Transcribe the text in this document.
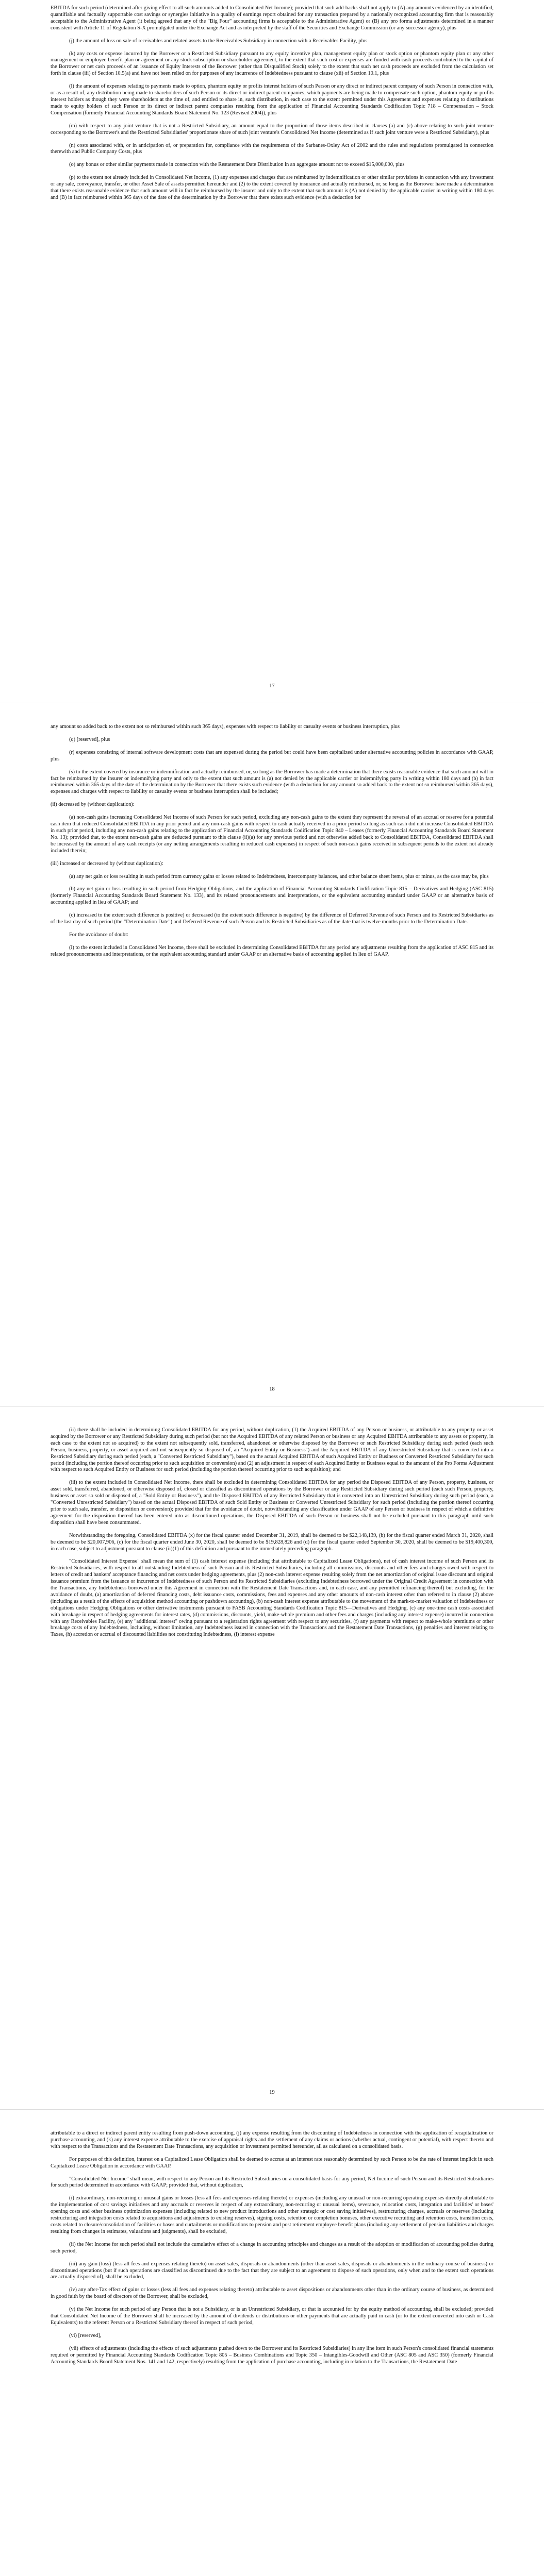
EBITDA for such period (determined after giving effect to all such amounts added to Consolidated Net Income); provided that such add-backs shall not apply to (A) any amounts evidenced by an identified, quantifiable and factually supportable cost savings or synergies initiative in a quality of earnings report obtained for any transaction prepared by a nationally recognized accounting firm that is reasonably acceptable to the Administrative Agent (it being agreed that any of the "Big Four" accounting firms is acceptable to the Administrative Agent) or (B) any pro forma adjustments determined in a manner consistent with Article 11 of Regulation S-X promulgated under the Exchange Act and as interpreted by the staff of the Securities and Exchange Commission (or any successor agency), plus

(j) the amount of loss on sale of receivables and related assets to the Receivables Subsidiary in connection with a Receivables Facility, plus

(k) any costs or expense incurred by the Borrower or a Restricted Subsidiary pursuant to any equity incentive plan, management equity plan or stock option or phantom equity plan or any other management or employee benefit plan or agreement or any stock subscription or shareholder agreement, to the extent that such cost or expenses are funded with cash proceeds contributed to the capital of the Borrower or net cash proceeds of an issuance of Equity Interests of the Borrower (other than Disqualified Stock) solely to the extent that such net cash proceeds are excluded from the calculation set forth in clause (iii) of Section 10.5(a) and have not been relied on for purposes of any incurrence of Indebtedness pursuant to clause (xii) of Section 10.1, plus

(l) the amount of expenses relating to payments made to option, phantom equity or profits interest holders of such Person or any direct or indirect parent company of such Person in connection with, or as a result of, any distribution being made to shareholders of such Person or its direct or indirect parent companies, which payments are being made to compensate such option, phantom equity or profits interest holders as though they were shareholders at the time of, and entitled to share in, such distribution, in each case to the extent permitted under this Agreement and expenses relating to distributions made to equity holders of such Person or its direct or indirect parent companies resulting from the application of Financial Accounting Standards Codification Topic 718 – Compensation – Stock Compensation (formerly Financial Accounting Standards Board Statement No. 123 (Revised 2004)), plus

(m) with respect to any joint venture that is not a Restricted Subsidiary, an amount equal to the proportion of those items described in clauses (a) and (c) above relating to such joint venture corresponding to the Borrower's and the Restricted Subsidiaries' proportionate share of such joint venture's Consolidated Net Income (determined as if such joint venture were a Restricted Subsidiary), plus

(n) costs associated with, or in anticipation of, or preparation for, compliance with the requirements of the Sarbanes-Oxley Act of 2002 and the rules and regulations promulgated in connection therewith and Public Company Costs, plus

(o) any bonus or other similar payments made in connection with the Restatement Date Distribution in an aggregate amount not to exceed $15,000,000, plus

(p) to the extent not already included in Consolidated Net Income, (1) any expenses and charges that are reimbursed by indemnification or other similar provisions in connection with any investment or any sale, conveyance, transfer, or other Asset Sale of assets permitted hereunder and (2) to the extent covered by insurance and actually reimbursed, or, so long as the Borrower have made a determination that there exists reasonable evidence that such amount will in fact be reimbursed by the insurer and only to the extent that such amount is (A) not denied by the applicable carrier in writing within 180 days and (B) in fact reimbursed within 365 days of the date of the determination by the Borrower that there exists such evidence (with a deduction for

17

any amount so added back to the extent not so reimbursed within such 365 days), expenses with respect to liability or casualty events or business interruption, plus

(q) [reserved], plus

(r) expenses consisting of internal software development costs that are expensed during the period but could have been capitalized under alternative accounting policies in accordance with GAAP, plus

(s) to the extent covered by insurance or indemnification and actually reimbursed, or, so long as the Borrower has made a determination that there exists reasonable evidence that such amount will in fact be reimbursed by the insurer or indemnifying party and only to the extent that such amount is (a) not denied by the applicable carrier or indemnifying party in writing within 180 days and (b) in fact reimbursed within 365 days of the date of the determination by the Borrower that there exists such evidence (with a deduction for any amount so added back to the extent not so reimbursed within 365 days), expenses and charges with respect to liability or casualty events or business interruption shall be included;

(ii) decreased by (without duplication):

(a) non-cash gains increasing Consolidated Net Income of such Person for such period, excluding any non-cash gains to the extent they represent the reversal of an accrual or reserve for a potential cash item that reduced Consolidated EBITDA in any prior period and any non-cash gains with respect to cash actually received in a prior period so long as such cash did not increase Consolidated EBITDA in such prior period, including any non-cash gains relating to the application of Financial Accounting Standards Codification Topic 840 – Leases (formerly Financial Accounting Standards Board Statement No. 13); provided that, to the extent non-cash gains are deducted pursuant to this clause (ii)(a) for any previous period and not otherwise added back to Consolidated EBITDA, Consolidated EBITDA shall be increased by the amount of any cash receipts (or any netting arrangements resulting in reduced cash expenses) in respect of such non-cash gains received in subsequent periods to the extent not already included therein;

(iii) increased or decreased by (without duplication):

(a) any net gain or loss resulting in such period from currency gains or losses related to Indebtedness, intercompany balances, and other balance sheet items, plus or minus, as the case may be, plus

(b) any net gain or loss resulting in such period from Hedging Obligations, and the application of Financial Accounting Standards Codification Topic 815 – Derivatives and Hedging (ASC 815) (formerly Financial Accounting Standards Board Statement No. 133), and its related pronouncements and interpretations, or the equivalent accounting standard under GAAP or an alternative basis of accounting applied in lieu of GAAP; and

(c) increased to the extent such difference is positive) or decreased (to the extent such difference is negative) by the difference of Deferred Revenue of such Person and its Restricted Subsidiaries as of the last day of such period (the "Determination Date") and Deferred Revenue of such Person and its Restricted Subsidiaries as of the date that is twelve months prior to the Determination Date.

For the avoidance of doubt:

(i) to the extent included in Consolidated Net Income, there shall be excluded in determining Consolidated EBITDA for any period any adjustments resulting from the application of ASC 815 and its related pronouncements and interpretations, or the equivalent accounting standard under GAAP or an alternative basis of accounting applied in lieu of GAAP,

18

(ii) there shall be included in determining Consolidated EBITDA for any period, without duplication, (1) the Acquired EBITDA of any Person or business, or attributable to any property or asset acquired by the Borrower or any Restricted Subsidiary during such period (but not the Acquired EBITDA of any related Person or business or any Acquired EBITDA attributable to any assets or property, in each case to the extent not so acquired) to the extent not subsequently sold, transferred, abandoned or otherwise disposed by the Borrower or such Restricted Subsidiary during such period (each such Person, business, property, or asset acquired and not subsequently so disposed of, an "Acquired Entity or Business") and the Acquired EBITDA of any Unrestricted Subsidiary that is converted into a Restricted Subsidiary during such period (each, a "Converted Restricted Subsidiary"), based on the actual Acquired EBITDA of such Acquired Entity or Business or Converted Restricted Subsidiary for such period (including the portion thereof occurring prior to such acquisition or conversion) and (2) an adjustment in respect of each Acquired Entity or Business equal to the amount of the Pro Forma Adjustment with respect to such Acquired Entity or Business for such period (including the portion thereof occurring prior to such acquisition); and

(iii) to the extent included in Consolidated Net Income, there shall be excluded in determining Consolidated EBITDA for any period the Disposed EBITDA of any Person, property, business, or asset sold, transferred, abandoned, or otherwise disposed of, closed or classified as discontinued operations by the Borrower or any Restricted Subsidiary during such period (each such Person, property, business or asset so sold or disposed of, a "Sold Entity or Business"), and the Disposed EBITDA of any Restricted Subsidiary that is converted into an Unrestricted Subsidiary during such period (each, a "Converted Unrestricted Subsidiary") based on the actual Disposed EBITDA of such Sold Entity or Business or Converted Unrestricted Subsidiary for such period (including the portion thereof occurring prior to such sale, transfer, or disposition or conversion); provided that for the avoidance of doubt, notwithstanding any classification under GAAP of any Person or business in respect of which a definitive agreement for the disposition thereof has been entered into as discontinued operations, the Disposed EBITDA of such Person or business shall not be excluded pursuant to this paragraph until such disposition shall have been consummated.

Notwithstanding the foregoing, Consolidated EBITDA (x) for the fiscal quarter ended December 31, 2019, shall be deemed to be $22,148,139, (b) for the fiscal quarter ended March 31, 2020, shall be deemed to be $20,007,906, (c) for the fiscal quarter ended June 30, 2020, shall be deemed to be $19,828,826 and (d) for the fiscal quarter ended September 30, 2020, shall be deemed to be $19,400,300, in each case, subject to adjustment pursuant to clause (ii)(1) of this definition and pursuant to the immediately preceding paragraph.

"Consolidated Interest Expense" shall mean the sum of (1) cash interest expense (including that attributable to Capitalized Lease Obligations), net of cash interest income of such Person and its Restricted Subsidiaries, with respect to all outstanding Indebtedness of such Person and its Restricted Subsidiaries, including all commissions, discounts and other fees and charges owed with respect to letters of credit and bankers' acceptance financing and net costs under hedging agreements, plus (2) non-cash interest expense resulting solely from the net amortization of original issue discount and original issuance premium from the issuance or incurrence of Indebtedness of such Person and its Restricted Subsidiaries (excluding Indebtedness borrowed under the Original Credit Agreement in connection with the Transactions, any Indebtedness borrowed under this Agreement in connection with the Restatement Date Transactions and, in each case, and any permitted refinancing thereof) but excluding, for the avoidance of doubt, (a) amortization of deferred financing costs, debt issuance costs, commissions, fees and expenses and any other amounts of non-cash interest other than referred to in clause (2) above (including as a result of the effects of acquisition method accounting or pushdown accounting), (b) non-cash interest expense attributable to the movement of the mark-to-market valuation of Indebtedness or obligations under Hedging Obligations or other derivative instruments pursuant to FASB Accounting Standards Codification Topic 815—Derivatives and Hedging, (c) any one-time cash costs associated with breakage in respect of hedging agreements for interest rates, (d) commissions, discounts, yield, make-whole premium and other fees and charges (including any interest expense) incurred in connection with any Receivables Facility, (e) any "additional interest" owing pursuant to a registration rights agreement with respect to any securities, (f) any payments with respect to make-whole premiums or other breakage costs of any Indebtedness, including, without limitation, any Indebtedness issued in connection with the Transactions and the Restatement Date Transactions, (g) penalties and interest relating to Taxes, (h) accretion or accrual of discounted liabilities not constituting Indebtedness, (i) interest expense

19

attributable to a direct or indirect parent entity resulting from push-down accounting, (j) any expense resulting from the discounting of Indebtedness in connection with the application of recapitalization or purchase accounting, and (k) any interest expense attributable to the exercise of appraisal rights and the settlement of any claims or actions (whether actual, contingent or potential), with respect thereto and with respect to the Transactions and the Restatement Date Transactions, any acquisition or Investment permitted hereunder, all as calculated on a consolidated basis.

For purposes of this definition, interest on a Capitalized Lease Obligation shall be deemed to accrue at an interest rate reasonably determined by such Person to be the rate of interest implicit in such Capitalized Lease Obligation in accordance with GAAP.

"Consolidated Net Income" shall mean, with respect to any Person and its Restricted Subsidiaries on a consolidated basis for any period, Net Income of such Person and its Restricted Subsidiaries for such period determined in accordance with GAAP; provided that, without duplication,

(i) extraordinary, non-recurring or unusual gains or losses (less all fees and expenses relating thereto) or expenses (including any unusual or non-recurring operating expenses directly attributable to the implementation of cost savings initiatives and any accruals or reserves in respect of any extraordinary, non-recurring or unusual items), severance, relocation costs, integration and facilities' or bases' opening costs and other business optimization expenses (including related to new product introductions and other strategic or cost saving initiatives), restructuring charges, accruals or reserves (including restructuring and integration costs related to acquisitions and adjustments to existing reserves), signing costs, retention or completion bonuses, other executive recruiting and retention costs, transition costs, costs related to closure/consolidation of facilities or bases and curtailments or modifications to pension and post retirement employee benefit plans (including any settlement of pension liabilities and charges resulting from changes in estimates, valuations and judgments), shall be excluded,

(ii) the Net Income for such period shall not include the cumulative effect of a change in accounting principles and changes as a result of the adoption or modification of accounting policies during such period,

(iii) any gain (loss) (less all fees and expenses relating thereto) on asset sales, disposals or abandonments (other than asset sales, disposals or abandonments in the ordinary course of business) or discontinued operations (but if such operations are classified as discontinued due to the fact that they are subject to an agreement to dispose of such operations, only when and to the extent such operations are actually disposed of), shall be excluded,

(iv) any after-Tax effect of gains or losses (less all fees and expenses relating thereto) attributable to asset dispositions or abandonments other than in the ordinary course of business, as determined in good faith by the board of directors of the Borrower, shall be excluded,

(v) the Net Income for such period of any Person that is not a Subsidiary, or is an Unrestricted Subsidiary, or that is accounted for by the equity method of accounting, shall be excluded; provided that Consolidated Net Income of the Borrower shall be increased by the amount of dividends or distributions or other payments that are actually paid in cash (or to the extent converted into cash or Cash Equivalents) to the referent Person or a Restricted Subsidiary thereof in respect of such period,

(vi) [reserved],

(vii) effects of adjustments (including the effects of such adjustments pushed down to the Borrower and its Restricted Subsidiaries) in any line item in such Person's consolidated financial statements required or permitted by Financial Accounting Standards Codification Topic 805 – Business Combinations and Topic 350 – Intangibles-Goodwill and Other (ASC 805 and ASC 350) (formerly Financial Accounting Standards Board Statement Nos. 141 and 142, respectively) resulting from the application of purchase accounting, including in relation to the Transactions, the Restatement Date
